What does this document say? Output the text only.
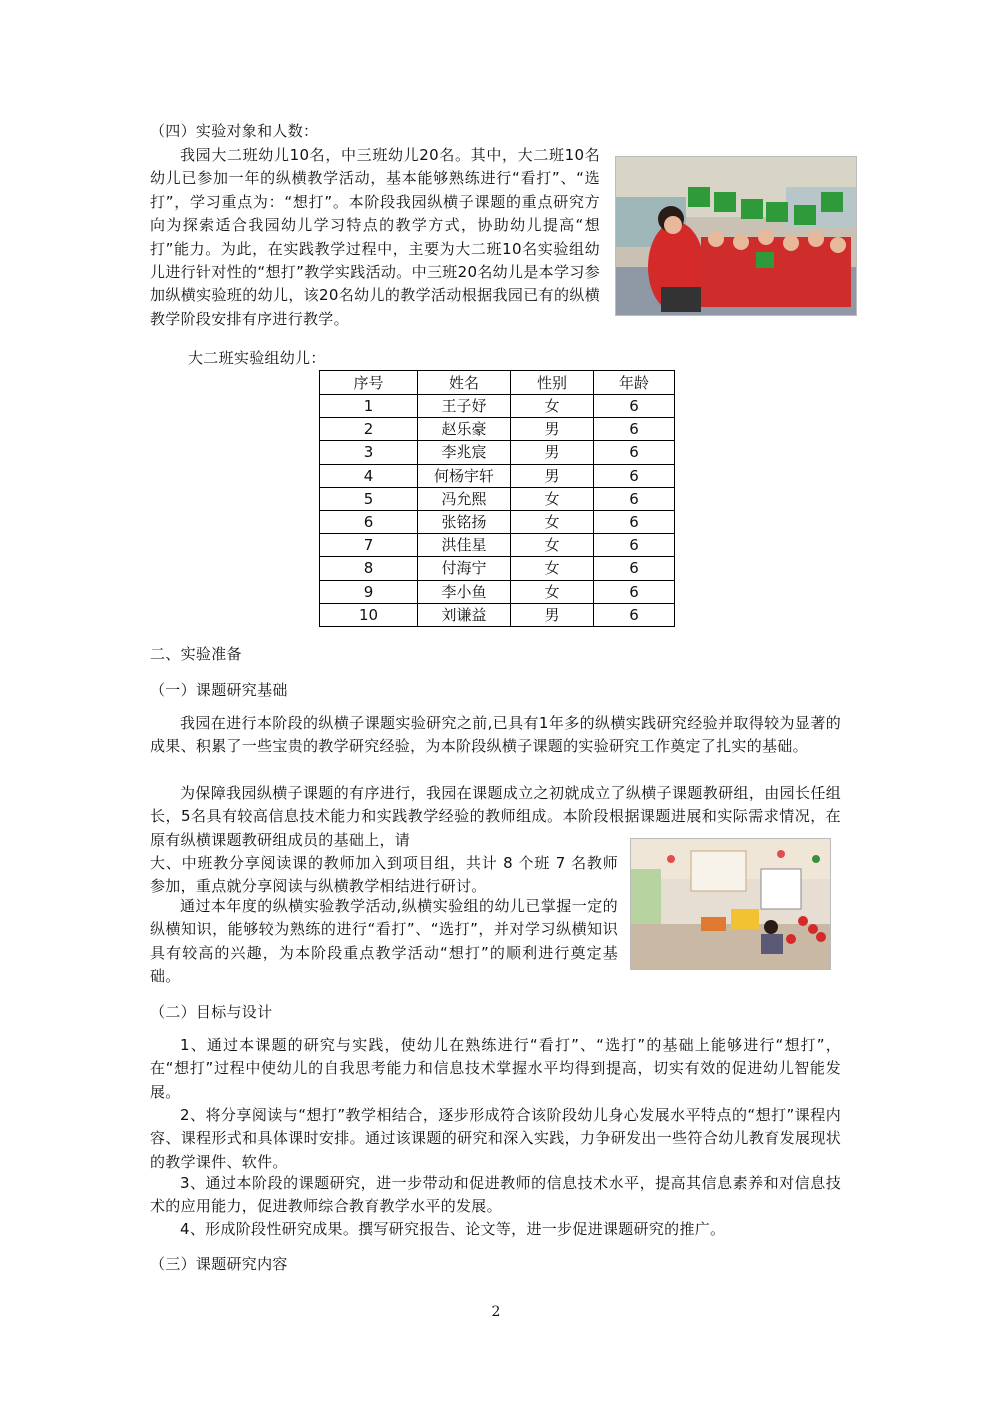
（四）实验对象和人数：
我园大二班幼儿10名，中三班幼儿20名。其中，大二班10名幼儿已参加一年的纵横教学活动，基本能够熟练进行“看打”、“选打”，学习重点为：“想打”。本阶段我园纵横子课题的重点研究方向为探索适合我园幼儿学习特点的教学方式，协助幼儿提高“想打”能力。为此，在实践教学过程中，主要为大二班10名实验组幼儿进行针对性的“想打”教学实践活动。中三班20名幼儿是本学习参加纵横实验班的幼儿，该20名幼儿的教学活动根据我园已有的纵横教学阶段安排有序进行教学。
大二班实验组幼儿：
序号	姓名	性别	年龄
1	王子妤	女	6
2	赵乐豪	男	6
3	李兆宸	男	6
4	何杨宇轩	男	6
5	冯允熙	女	6
6	张铭扬	女	6
7	洪佳星	女	6
8	付海宁	女	6
9	李小鱼	女	6
10	刘谦益	男	6
二、实验准备
（一）课题研究基础
我园在进行本阶段的纵横子课题实验研究之前,已具有1年多的纵横实践研究经验并取得较为显著的成果、积累了一些宝贵的教学研究经验，为本阶段纵横子课题的实验研究工作奠定了扎实的基础。
为保障我园纵横子课题的有序进行，我园在课题成立之初就成立了纵横子课题教研组，由园长任组长，5名具有较高信息技术能力和实践教学经验的教师组成。本阶段根据课题进展和实际需求情况，在原有纵横课题教研组成员的基础上，请
大、中班教分享阅读课的教师加入到项目组，共计 8 个班 7 名教师参加，重点就分享阅读与纵横教学相结进行研讨。
通过本年度的纵横实验教学活动,纵横实验组的幼儿已掌握一定的纵横知识，能够较为熟练的进行“看打”、“选打”，并对学习纵横知识具有较高的兴趣，为本阶段重点教学活动“想打”的顺利进行奠定基础。
（二）目标与设计
1、通过本课题的研究与实践，使幼儿在熟练进行“看打”、“选打”的基础上能够进行“想打”，在“想打”过程中使幼儿的自我思考能力和信息技术掌握水平均得到提高，切实有效的促进幼儿智能发展。
2、将分享阅读与“想打”教学相结合，逐步形成符合该阶段幼儿身心发展水平特点的“想打”课程内容、课程形式和具体课时安排。通过该课题的研究和深入实践，力争研发出一些符合幼儿教育发展现状的教学课件、软件。
3、通过本阶段的课题研究，进一步带动和促进教师的信息技术水平，提高其信息素养和对信息技术的应用能力，促进教师综合教育教学水平的发展。
4、形成阶段性研究成果。撰写研究报告、论文等，进一步促进课题研究的推广。
（三）课题研究内容
2
